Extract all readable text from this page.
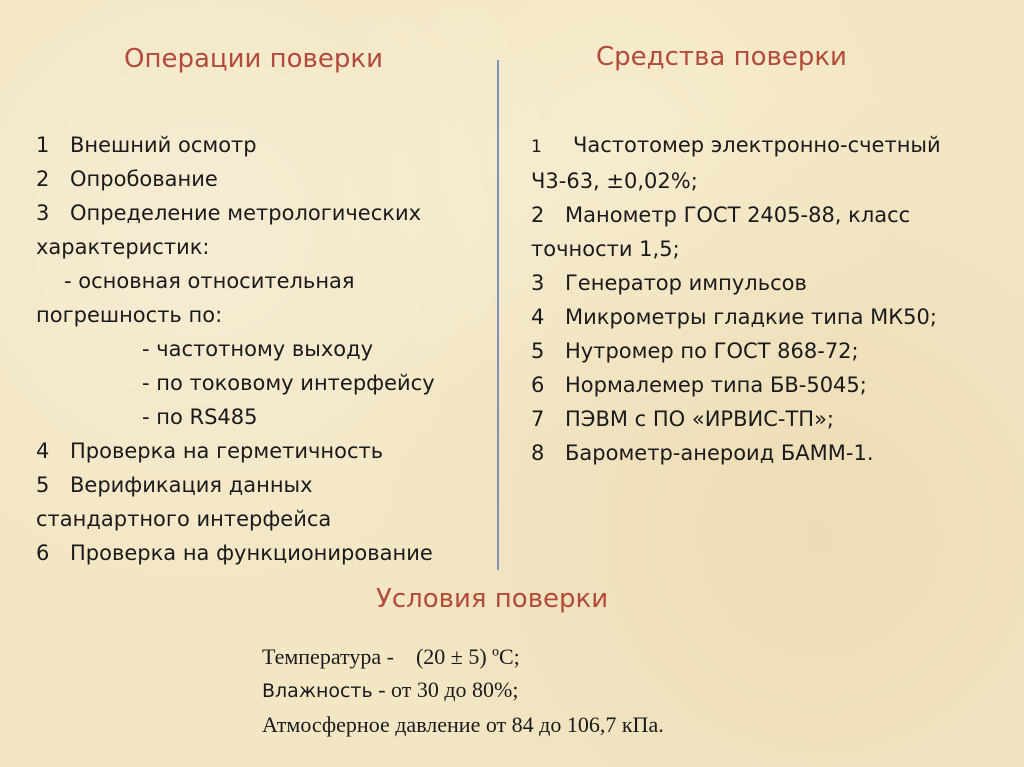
Операции поверки	Средства поверки
1 Внешний осмотр
2 Опробование
3 Определение метрологических
характеристик:
- основная относительная
погрешность по:
- частотному выходу
- по токовому интерфейсу
- по RS485
4 Проверка на герметичность
5 Верификация данных
стандартного интерфейса
6 Проверка на функционирование
1 Частотомер электронно-счетный
Ч3-63, ±0,02%;
2 Манометр ГОСТ 2405-88, класс
точности 1,5;
3 Генератор импульсов
4 Микрометры гладкие типа МК50;
5 Нутромер по ГОСТ 868-72;
6 Нормалемер типа БВ-5045;
7 ПЭВМ с ПО «ИРВИС-ТП»;
8 Барометр-анероид БАММ-1.
Условия поверки
Температура - (20 ± 5) ºС;
Влажность - от 30 до 80%;
Атмосферное давление от 84 до 106,7 кПа.
